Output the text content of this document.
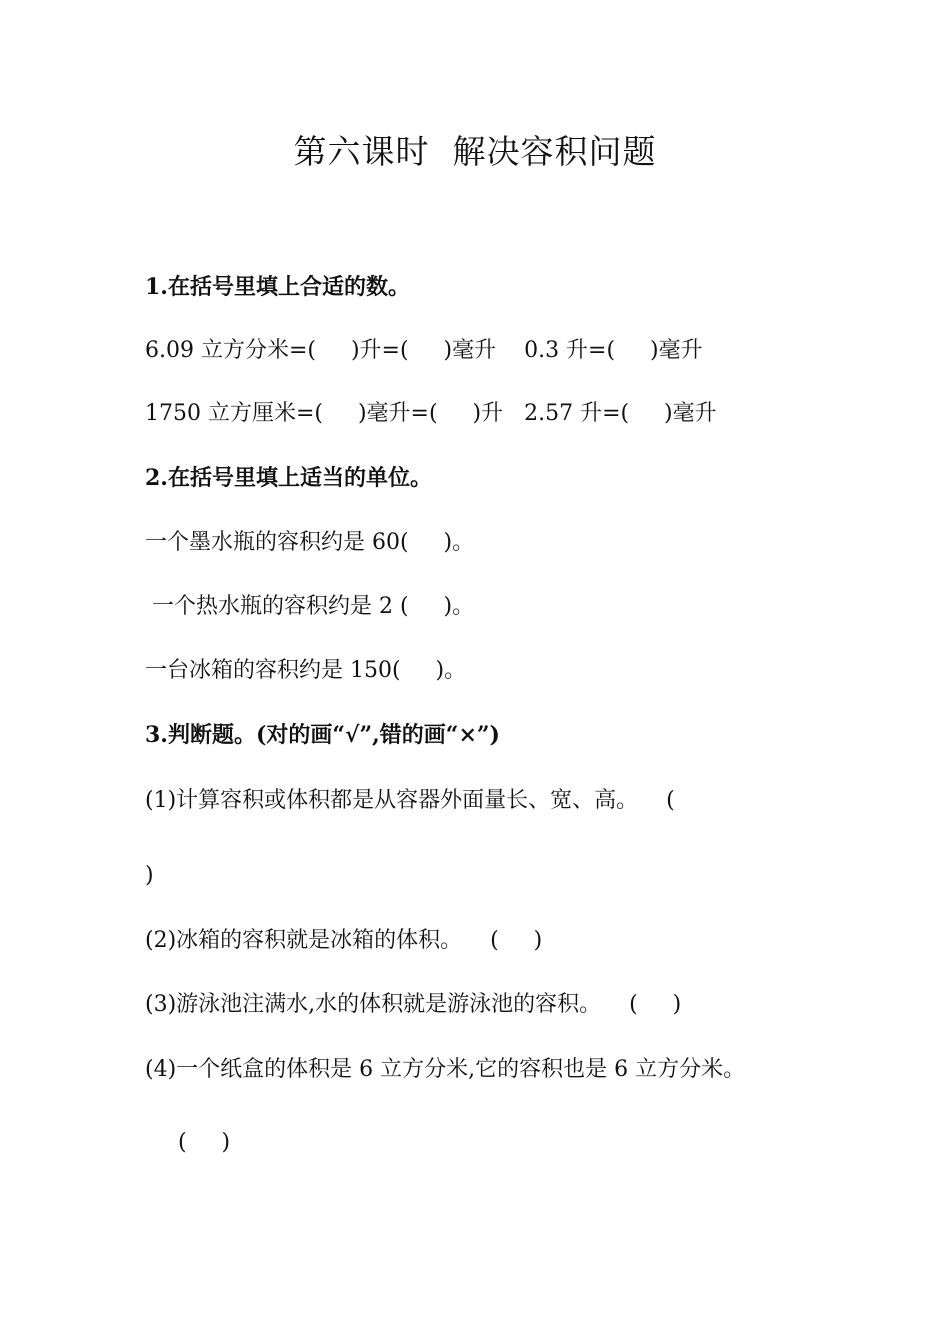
第六课时  解决容积问题
1.在括号里填上合适的数。
6.09 立方分米=(     )升=(     )毫升    0.3 升=(     )毫升
1750 立方厘米=(     )毫升=(     )升   2.57 升=(     )毫升
2.在括号里填上适当的单位。
一个墨水瓶的容积约是 60(     )。
一个热水瓶的容积约是 2 (     )。
一台冰箱的容积约是 150(     )。
3.判断题。(对的画“√”,错的画“×”)
(1)计算容积或体积都是从容器外面量长、宽、高。    (
)
(2)冰箱的容积就是冰箱的体积。    (     )
(3)游泳池注满水,水的体积就是游泳池的容积。    (     )
(4)一个纸盒的体积是 6 立方分米,它的容积也是 6 立方分米。
(     )
